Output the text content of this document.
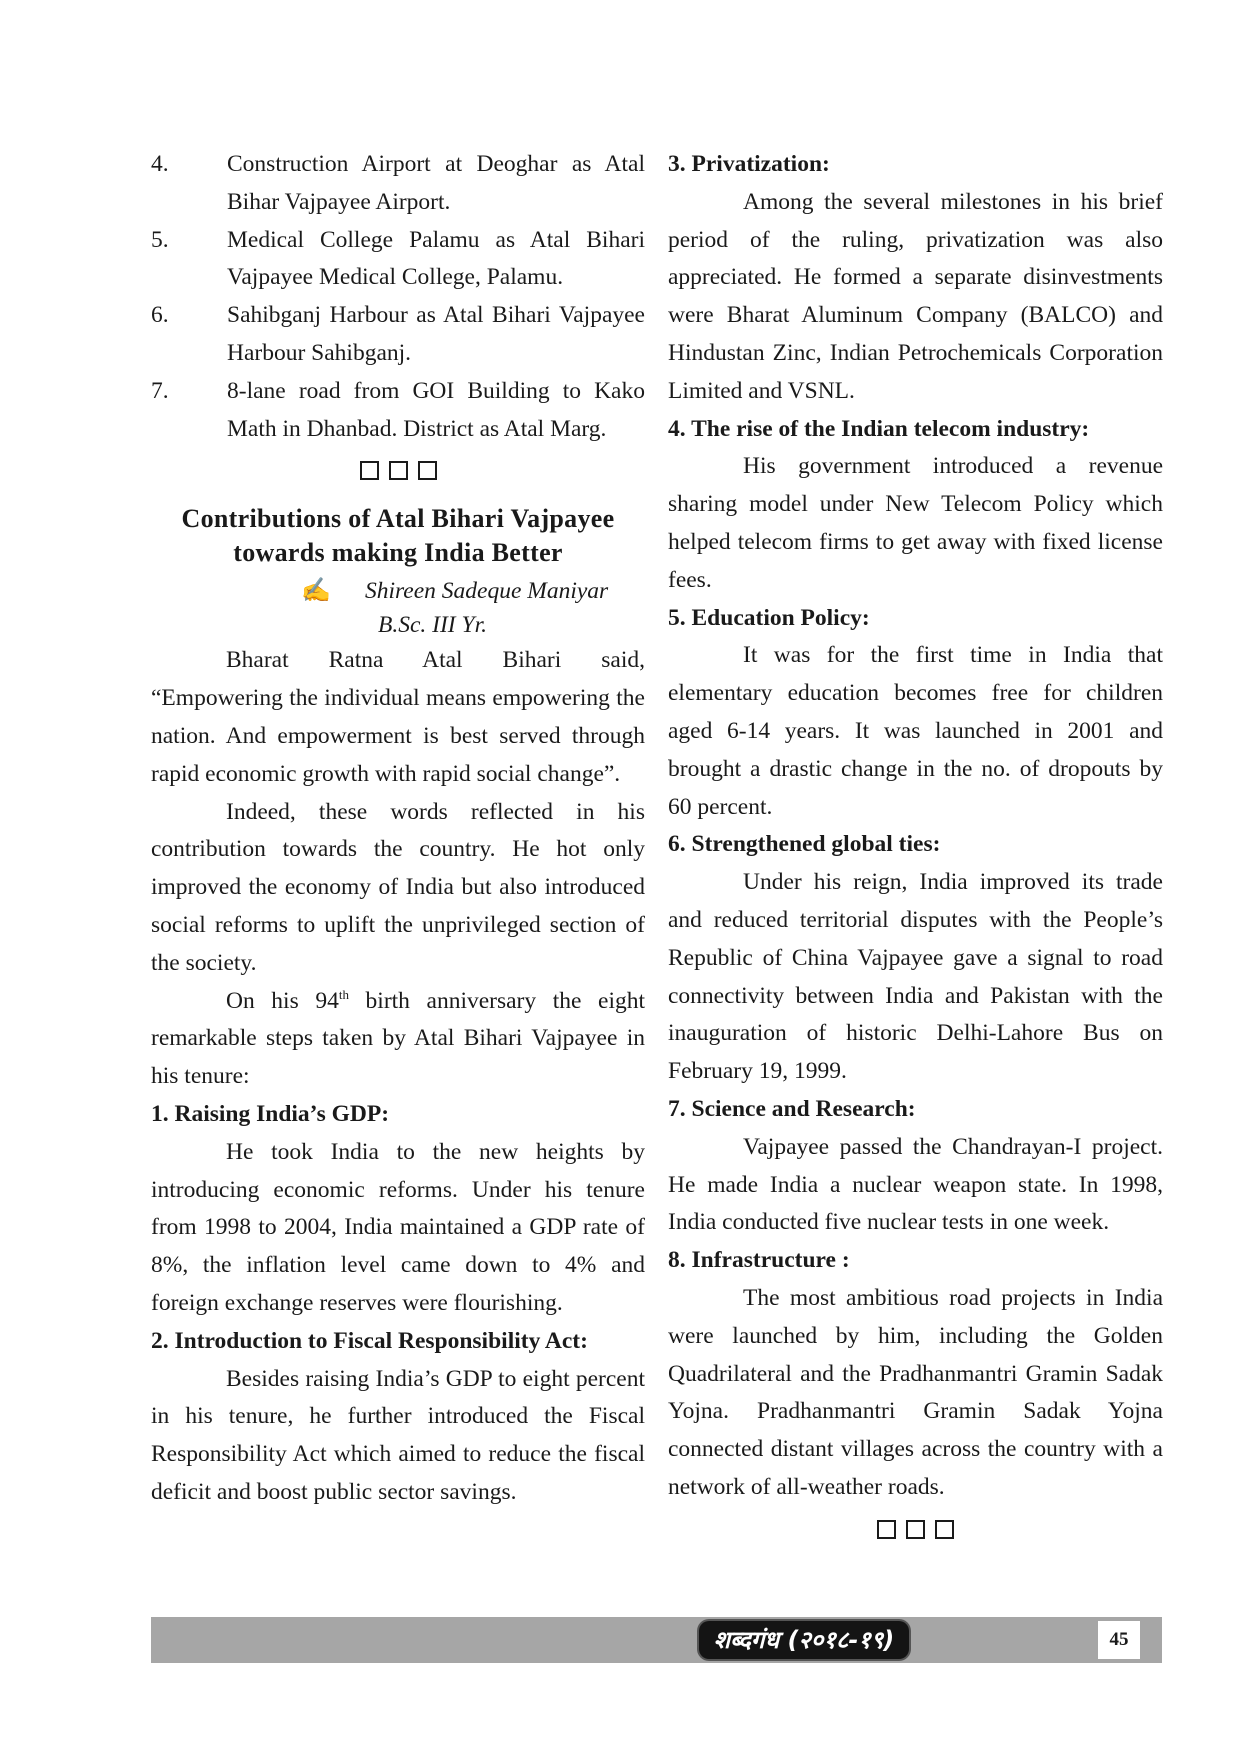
4.	Construction Airport at Deoghar as Atal Bihar Vajpayee Airport.
5.	Medical College Palamu as Atal Bihari Vajpayee Medical College, Palamu.
6.	Sahibganj Harbour as Atal Bihari Vajpayee Harbour Sahibganj.
7.	8-lane road from GOI Building to Kako Math in Dhanbad. District as Atal Marg.
Contributions of Atal Bihari Vajpayee towards making India Better
✍ Shireen Sadeque Maniyar
B.Sc. III Yr.

Bharat Ratna Atal Bihari said, “Empowering the individual means empowering the nation. And empowerment is best served through rapid economic growth with rapid social change”.

Indeed, these words reflected in his contribution towards the country. He hot only improved the economy of India but also introduced social reforms to uplift the unprivileged section of the society.

On his 94th birth anniversary the eight remarkable steps taken by Atal Bihari Vajpayee in his tenure:

1. Raising India’s GDP:

He took India to the new heights by introducing economic reforms. Under his tenure from 1998 to 2004, India maintained a GDP rate of 8%, the inflation level came down to 4% and foreign exchange reserves were flourishing.

2. Introduction to Fiscal Responsibility Act:

Besides raising India’s GDP to eight percent in his tenure, he further introduced the Fiscal Responsibility Act which aimed to reduce the fiscal deficit and boost public sector savings.

3. Privatization:

Among the several milestones in his brief period of the ruling, privatization was also appreciated. He formed a separate disinvestments were Bharat Aluminum Company (BALCO) and Hindustan Zinc, Indian Petrochemicals Corporation Limited and VSNL.

4. The rise of the Indian telecom industry:

His government introduced a revenue sharing model under New Telecom Policy which helped telecom firms to get away with fixed license fees.

5. Education Policy:

It was for the first time in India that elementary education becomes free for children aged 6-14 years. It was launched in 2001 and brought a drastic change in the no. of dropouts by 60 percent.

6. Strengthened global ties:

Under his reign, India improved its trade and reduced territorial disputes with the People’s Republic of China Vajpayee gave a signal to road connectivity between India and Pakistan with the inauguration of historic Delhi-Lahore Bus on February 19, 1999.

7. Science and Research:

Vajpayee passed the Chandrayan-I project. He made India a nuclear weapon state. In 1998, India conducted five nuclear tests in one week.

8. Infrastructure :

The most ambitious road projects in India were launched by him, including the Golden Quadrilateral and the Pradhanmantri Gramin Sadak Yojna. Pradhanmantri Gramin Sadak Yojna connected distant villages across the country with a network of all-weather roads.

शब्दगंध (२०१८-१९)	45
